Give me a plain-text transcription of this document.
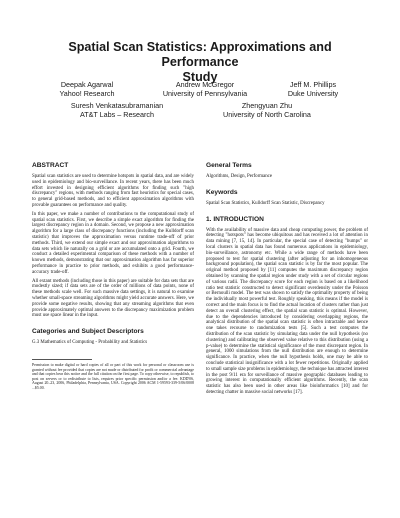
Spatial Scan Statistics: Approximations and Performance
Study
Deepak Agarwal
Yahoo! Research
Andrew McGregor
University of Pennsylvania
Jeff M. Phillips
Duke University
Suresh Venkatasubramanian
AT&T Labs – Research
Zhengyuan Zhu
University of North Carolina
ABSTRACT

Spatial scan statistics are used to determine hotspots in spatial data, and are widely used in epidemiology and bio-surveillance. In recent years, there has been much effort invested in designing efficient algorithms for finding such "high discrepancy" regions, with methods ranging from fast heuristics for special cases, to general grid-based methods, and to efficient approximation algorithms with provable guarantees on performance and quality.

In this paper, we make a number of contributions to the computational study of spatial scan statistics. First, we describe a simple exact algorithm for finding the largest discrepancy region in a domain. Second, we propose a new approximation algorithm for a large class of discrepancy functions (including the Kulldorff scan statistic) that improves the approximation versus runtime trade-off of prior methods. Third, we extend our simple exact and our approximation algorithms to data sets which lie naturally on a grid or are accumulated onto a grid. Fourth, we conduct a detailed experimental comparison of these methods with a number of known methods, demonstrating that our approximation algorithm has far superior performance in practice to prior methods, and exhibits a good performance-accuracy trade-off.

All extant methods (including those in this paper) are suitable for data sets that are modestly sized; if data sets are of the order of millions of data points, none of these methods scale well. For such massive data settings, it is natural to examine whether small-space streaming algorithms might yield accurate answers. Here, we provide some negative results, showing that any streaming algorithms that even provide approximately optimal answers to the discrepancy maximization problem must use space linear in the input.

Categories and Subject Descriptors

G.3 Mathematics of Computing - Probability and Statistics

Permission to make digital or hard copies of all or part of this work for personal or classroom use is granted without fee provided that copies are not made or distributed for profit or commercial advantage and that copies bear this notice and the full citation on the first page. To copy otherwise, to republish, to post on servers or to redistribute to lists, requires prior specific permission and/or a fee. KDD'06, August 20–23, 2006, Philadelphia, Pennsylvania, USA. Copyright 2006 ACM 1-59593-339-5/06/0008 ...$5.00.

General Terms

Algorithms, Design, Performance

Keywords

Spatial Scan Statistics, Kulldorff Scan Statistic, Discrepancy

1. INTRODUCTION

With the availability of massive data and cheap computing power, the problem of detecting "hotspots" has become ubiquitous and has received a lot of attention in data mining [7, 15, 14]. In particular, the special case of detecting "bumps" or local clusters in spatial data has found numerous applications in epidemiology, bio-surveillance, astronomy etc. While a wide range of methods have been proposed to test for spatial clustering (after adjusting for an inhomogeneous background population), the spatial scan statistic is by far the most popular. The original method proposed by [11] computes the maximum discrepancy region obtained by scanning the spatial region under study with a set of circular regions of various radii. The discrepancy score for each region is based on a likelihood ratio test statistic constructed to detect significant overdensity under the Poisson or Bernoulli model. The test was shown to satisfy the optimality property of being the individually most powerful test. Roughly speaking, this means if the model is correct and the main focus is to find the actual location of clusters rather than just detect an overall clustering effect, the spatial scan statistic is optimal. However, due to the dependencies introduced by considering overlapping regions, the analytical distribution of the spatial scan statistic is often intractable and hence one takes recourse to randomization tests [5]. Such a test computes the distribution of the scan statistic by simulating data under the null hypothesis (no clustering) and calibrating the observed value relative to this distribution (using a p-value) to determine the statistical significance of the most discrepant region. In general, 1000 simulations from the null distribution are enough to determine significance. In practice, when the null hypothesis holds, one may be able to conclude statistical insignificance with a lot fewer repetitions. Originally applied to small sample size problems in epidemiology, the technique has attracted interest in the post 9/11 era for surveillance of massive geographic databases leading to growing interest in computationally efficient algorithms. Recently, the scan statistic has also been used in other areas like bioinformatics [10] and for detecting chatter in massive social networks [17].
